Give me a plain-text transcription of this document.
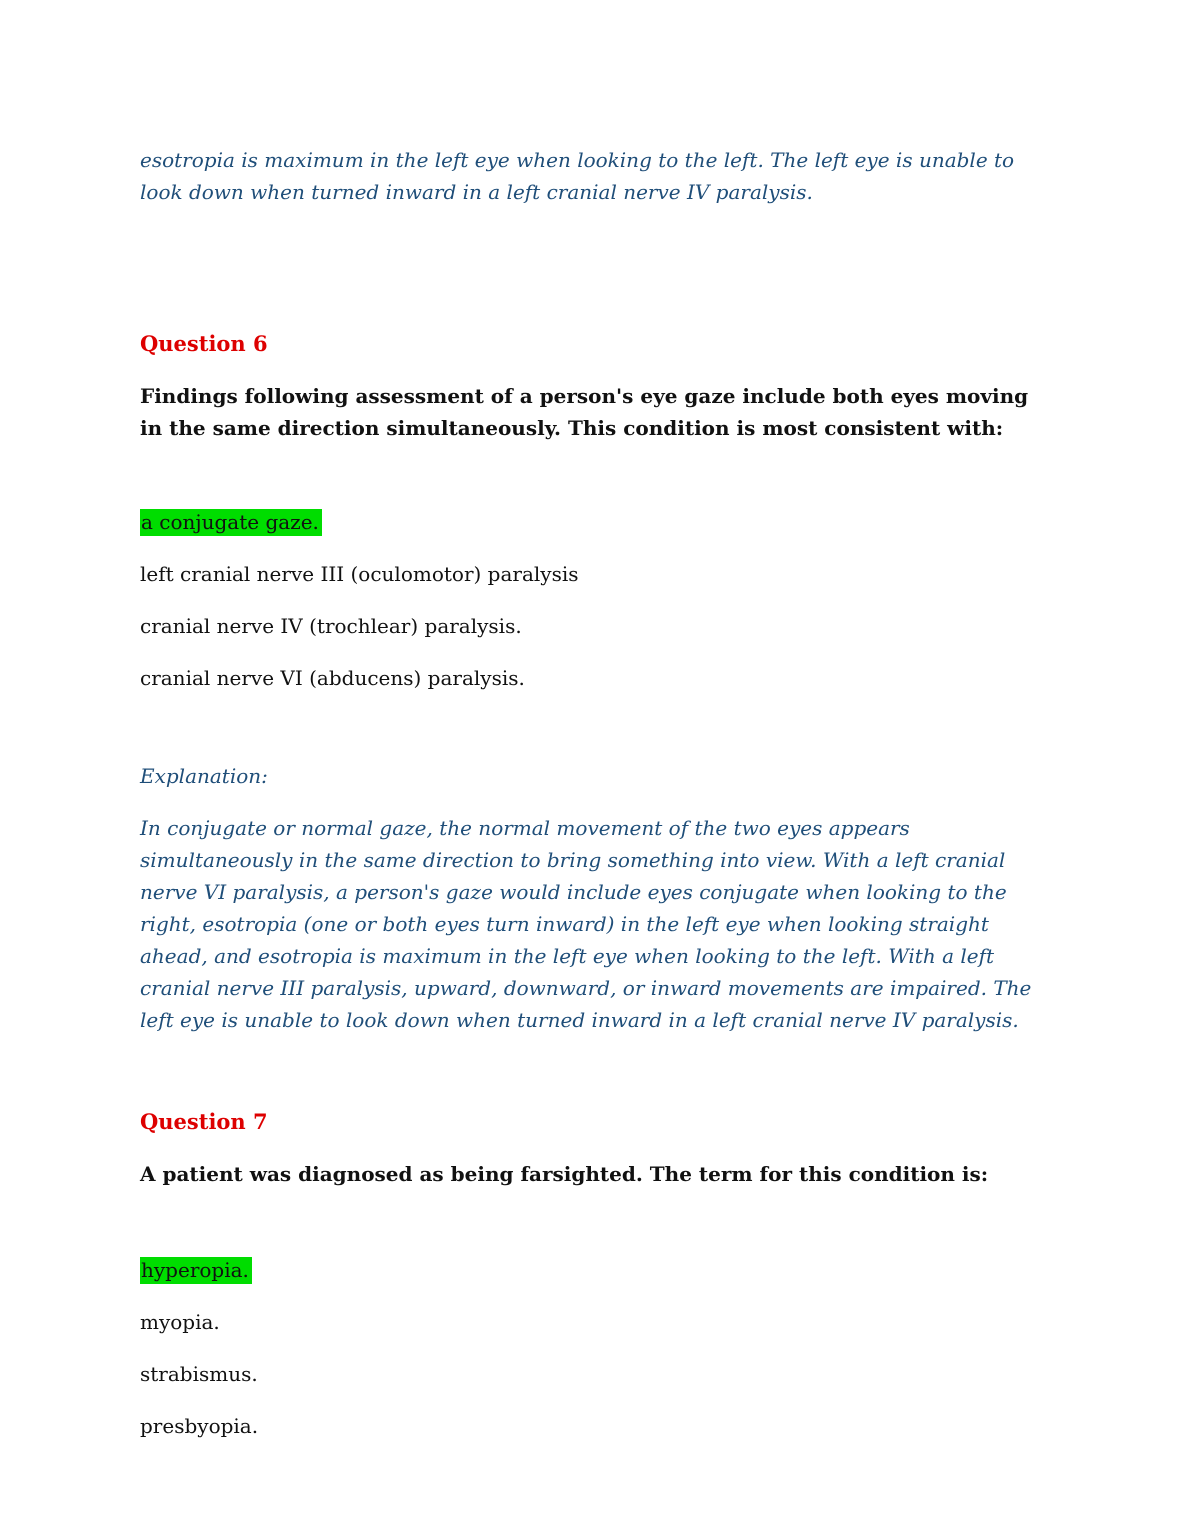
esotropia is maximum in the left eye when looking to the left. The left eye is unable to look down when turned inward in a left cranial nerve IV paralysis.

Question 6

Findings following assessment of a person's eye gaze include both eyes moving in the same direction simultaneously. This condition is most consistent with:

a conjugate gaze.

left cranial nerve III (oculomotor) paralysis

cranial nerve IV (trochlear) paralysis.

cranial nerve VI (abducens) paralysis.

Explanation:

In conjugate or normal gaze, the normal movement of the two eyes appears simultaneously in the same direction to bring something into view. With a left cranial nerve VI paralysis, a person's gaze would include eyes conjugate when looking to the right, esotropia (one or both eyes turn inward) in the left eye when looking straight ahead, and esotropia is maximum in the left eye when looking to the left. With a left cranial nerve III paralysis, upward, downward, or inward movements are impaired. The left eye is unable to look down when turned inward in a left cranial nerve IV paralysis.

Question 7

A patient was diagnosed as being farsighted. The term for this condition is:

hyperopia.

myopia.

strabismus.

presbyopia.
